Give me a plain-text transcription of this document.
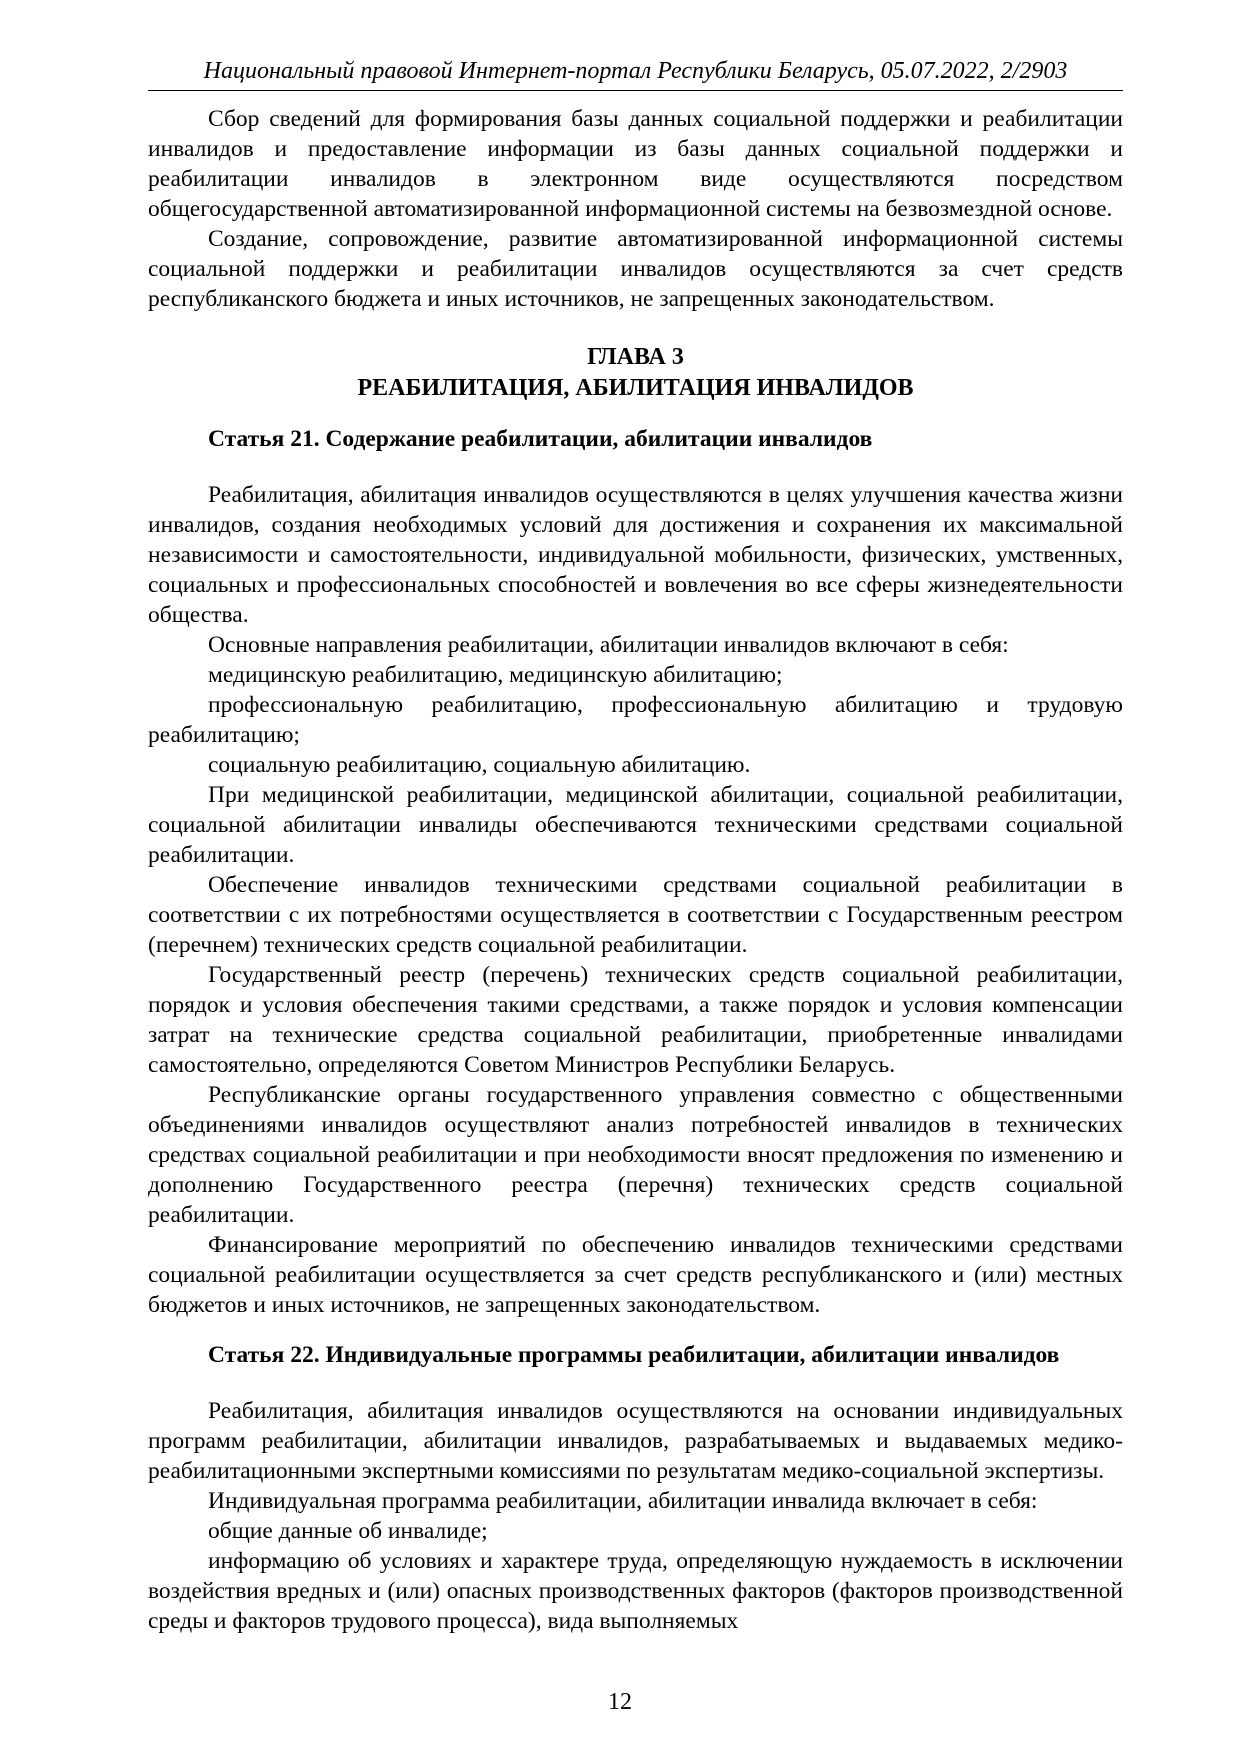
Национальный правовой Интернет-портал Республики Беларусь, 05.07.2022, 2/2903

Сбор сведений для формирования базы данных социальной поддержки и реабилитации инвалидов и предоставление информации из базы данных социальной поддержки и реабилитации инвалидов в электронном виде осуществляются посредством общегосударственной автоматизированной информационной системы на безвозмездной основе.

Создание, сопровождение, развитие автоматизированной информационной системы социальной поддержки и реабилитации инвалидов осуществляются за счет средств республиканского бюджета и иных источников, не запрещенных законодательством.

ГЛАВА 3
РЕАБИЛИТАЦИЯ, АБИЛИТАЦИЯ ИНВАЛИДОВ

Статья 21. Содержание реабилитации, абилитации инвалидов

Реабилитация, абилитация инвалидов осуществляются в целях улучшения качества жизни инвалидов, создания необходимых условий для достижения и сохранения их максимальной независимости и самостоятельности, индивидуальной мобильности, физических, умственных, социальных и профессиональных способностей и вовлечения во все сферы жизнедеятельности общества.

Основные направления реабилитации, абилитации инвалидов включают в себя:

медицинскую реабилитацию, медицинскую абилитацию;

профессиональную реабилитацию, профессиональную абилитацию и трудовую реабилитацию;

социальную реабилитацию, социальную абилитацию.

При медицинской реабилитации, медицинской абилитации, социальной реабилитации, социальной абилитации инвалиды обеспечиваются техническими средствами социальной реабилитации.

Обеспечение инвалидов техническими средствами социальной реабилитации в соответствии с их потребностями осуществляется в соответствии с Государственным реестром (перечнем) технических средств социальной реабилитации.

Государственный реестр (перечень) технических средств социальной реабилитации, порядок и условия обеспечения такими средствами, а также порядок и условия компенсации затрат на технические средства социальной реабилитации, приобретенные инвалидами самостоятельно, определяются Советом Министров Республики Беларусь.

Республиканские органы государственного управления совместно с общественными объединениями инвалидов осуществляют анализ потребностей инвалидов в технических средствах социальной реабилитации и при необходимости вносят предложения по изменению и дополнению Государственного реестра (перечня) технических средств социальной реабилитации.

Финансирование мероприятий по обеспечению инвалидов техническими средствами социальной реабилитации осуществляется за счет средств республиканского и (или) местных бюджетов и иных источников, не запрещенных законодательством.

Статья 22. Индивидуальные программы реабилитации, абилитации инвалидов

Реабилитация, абилитация инвалидов осуществляются на основании индивидуальных программ реабилитации, абилитации инвалидов, разрабатываемых и выдаваемых медико-реабилитационными экспертными комиссиями по результатам медико-социальной экспертизы.

Индивидуальная программа реабилитации, абилитации инвалида включает в себя:

общие данные об инвалиде;

информацию об условиях и характере труда, определяющую нуждаемость в исключении воздействия вредных и (или) опасных производственных факторов (факторов производственной среды и факторов трудового процесса), вида выполняемых

12
